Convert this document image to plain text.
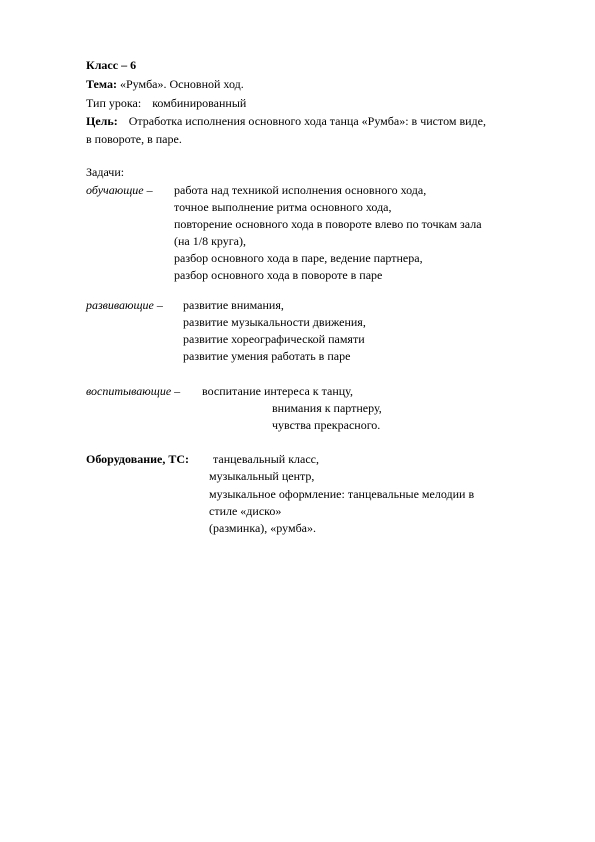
Класс – 6
Тема: «Румба». Основной ход.
Тип урока: комбинированный
Цель: Отработка исполнения основного хода танца «Румба»: в чистом виде,
в повороте, в паре.
Задачи:
обучающие – работа над техникой исполнения основного хода,
точное выполнение ритма основного хода,
повторение основного хода в повороте влево по точкам зала
(на 1/8 круга),
разбор основного хода в паре, ведение партнера,
разбор основного хода в повороте в паре
развивающие – развитие внимания,
развитие музыкальности движения,
развитие хореографической памяти
развитие умения работать в паре
воспитывающие – воспитание интереса к танцу,
внимания к партнеру,
чувства прекрасного.
Оборудование, ТС: танцевальный класс,
музыкальный центр,
музыкальное оформление: танцевальные мелодии в
стиле «диско»
(разминка), «румба».
